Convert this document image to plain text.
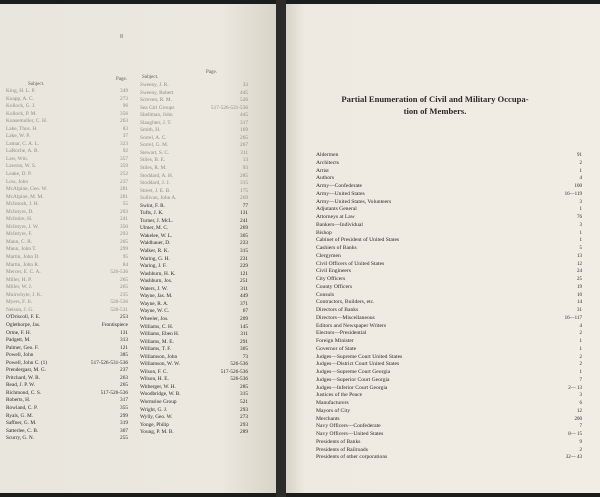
8
Subject.
Page.	Subject.
Page.
King, H. L. P.	349
Knapp, A. C.	273
Kollock, G. J.	96
Kollock, P. M.	356
Kunsemuller, C. H.	263
Lake, Thos. H.	83
Lake, W. P.	37
Lamar, C. A. L.	323
LaRoche, A. B.	92
Law, Wm.	357
Lawton, W. S.	359
Leake, D. P.	252
Low, John	237
McAlpine, Geo. W.	281
McAlpine, M. M.	281
McIntosh, J. H.	55
McIntyre, D.	203
McIntire, H.	241
McIntyre, J. W.	350
McIntyre, F.	293
Mann, C. R.	265
Mann, John T.	299
Martin, John D.	95
Martin, John R.	84
Mercer, E. C. A.	526-536
Miller, H. P.	265
Miller, W. J.	265
Muirwhyte, J. K.	235
Myers, F. Jr.	526-536
Nelson, J. G.	526-531
O'Driscoll, F. E.	253
Oglethorpe, Jas.	Frontispiece
Orme, F. H.	131
Padgett, M.	313
Palmer, Geo. F.	121
Powell, John	385
Powell, John C. (1)	517-526-531-536
Prendergast, M. G.	237
Pritchard, W. R.	263
Read, J. P. W.	265
Richmond, C. S.	517-526-536
Roberts, H.	317
Rowland, C. P.	355
Ryals, G. M.	299
Saffner, G. M.	319
Satterlee, C. B.	307
Scurry, G. N.	255
Sweeny, J. R.	33
Sweeny, Robert	445
Screven, R. M.	526
Sea Girl Groups	517-526-531-536
Shellman, John	445
Slaughter, J. T.	317
Smith, H.	169
Sorrel, A. C.	265
Sorrel, G. M.	267
Stewart, S. C.	311
Stiles, B. E.	13
Stiles, R. M.	93
Stoddard, A. H.	285
Stoddard, J. J.	315
Street, J. E. B.	175
Sullivan, John A.	269
Swint, F. R.	77
Tufts, J. K.	131
Turner, J. McL.	241
Ulmer, M. C.	269
Wakelee, W. L.	305
Waldhauer, D.	233
Walker, R. K.	315
Waring, G. H.	231
Waring, J. F.	229
Washburn, H. K.	121
Washburn, Jos.	251
Waters, J. W.	311
Wayne, Jas. M.	449
Wayne, R. A.	371
Wayne, W. C.	67
Wheeler, Jos.	209
Williams, C. H.	145
Williams, Eben H.	311
Williams, M. E.	291
Williams, T. F.	305
Williamson, John	73
Williamson, W. W.	526-536
Wilson, F. C.	517-526-536
Wilson, H. E.	526-536
Witberger, W. H.	285
Woodbridge, W. B.	315
Wormsloe Group	521
Wright, G. J.	293
Wylly, Geo. W.	273
Yonge, Philip	293
Young, P. M. B.	289
Partial Enumeration of Civil and Military Occupa-
tion of Members.
Aldermen	91
Architects	2
Artist	1
Authors	4
Army—Confederate	100
Army—United States	16—119
Army—United States, Volunteers	3
Adjutants General	1
Attorneys at Law	76
Bankers—Individual	3
Bishop	1
Cabinet of President of United States	1
Cashiers of Banks	5
Clergymen	13
Civil Officers of United States	12
Civil Engineers	24
City Officers	25
County Officers	19
Consuls	10
Contractors, Builders, etc.	14
Directors of Banks	31
Directors—Miscellaneous	16—117
Editors and Newspaper Writers	4
Electors—Presidential	2
Foreign Minister	1
Governor of State	1
Judges—Supreme Court United States	2
Judges—District Court United States	2
Judges—Supreme Court Georgia	1
Judges—Superior Court Georgia	7
Judges—Inferior Court Georgia	2— 13
Justices of the Peace	3
Manufacturers	6
Mayors of City	12
Merchants	200
Navy Officers—Confederate	7
Navy Officers—United States	8— 15
Presidents of Banks	9
Presidents of Railroads	2
Presidents of other corporations	32— 43
